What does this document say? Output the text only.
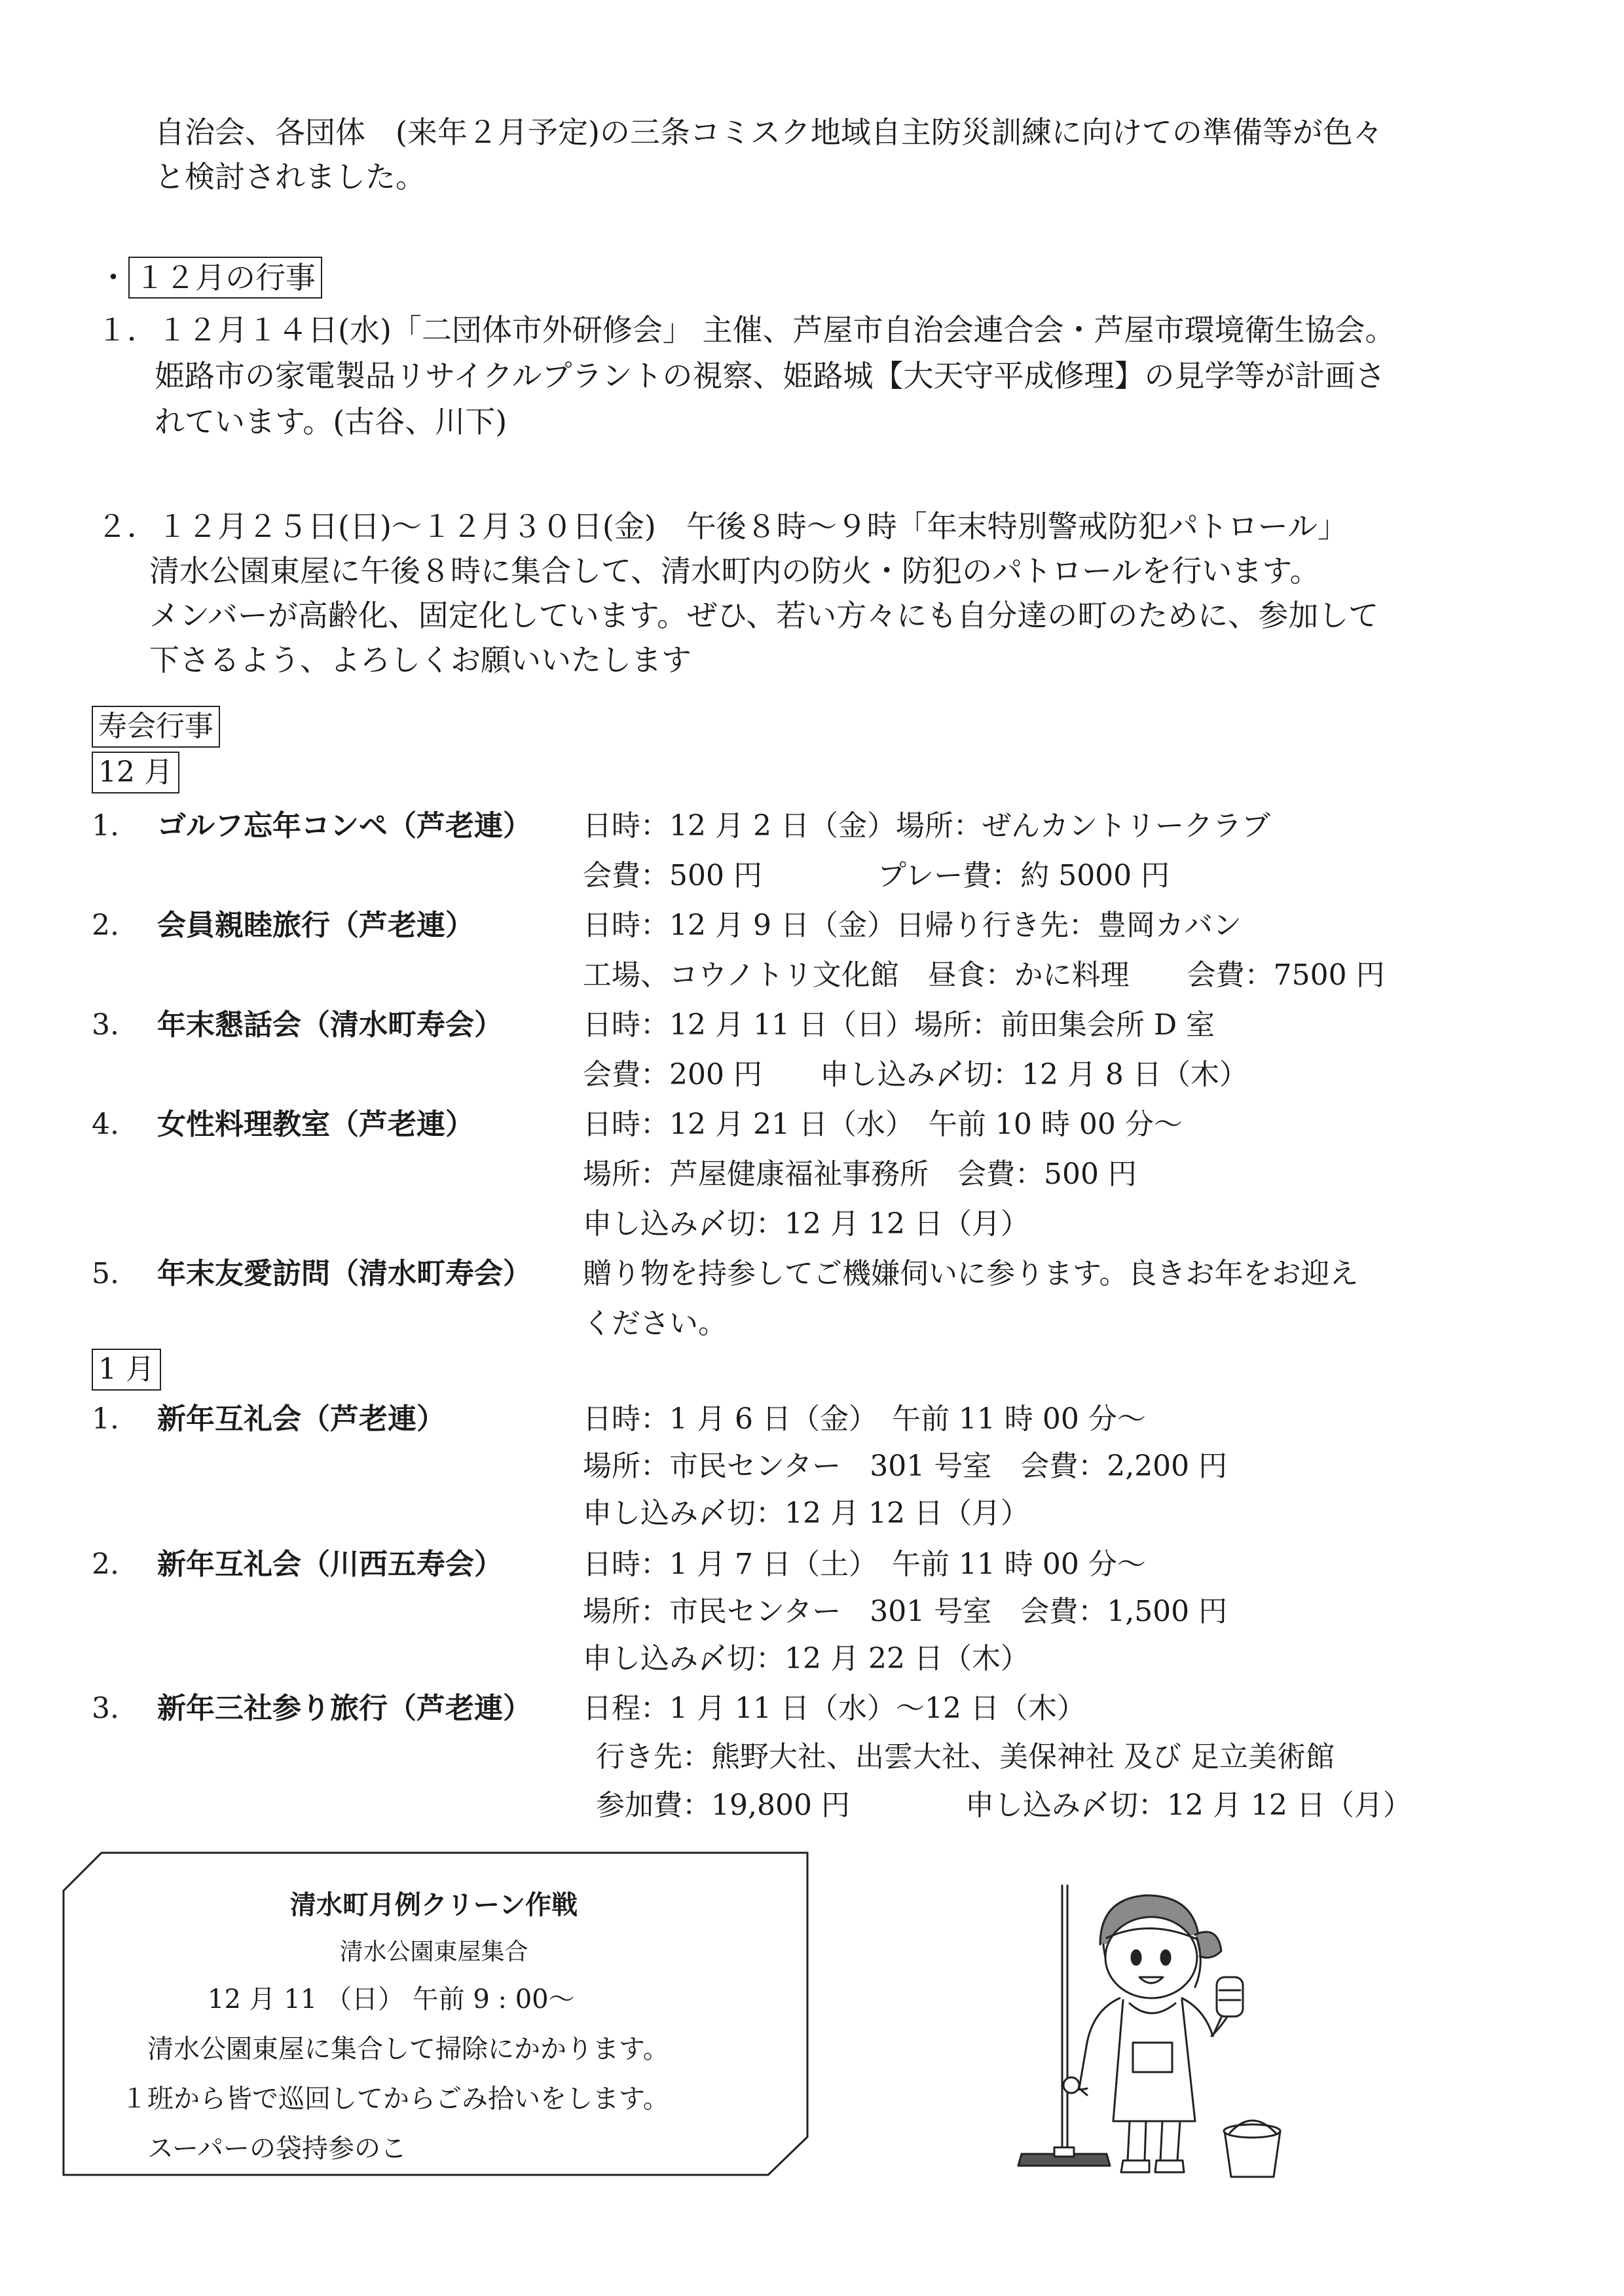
自治会、各団体　(来年２月予定)の三条コミスク地域自主防災訓練に向けての準備等が色々
と検討されました。
・ １２月の行事
１．１２月１４日(水)「二団体市外研修会」 主催、芦屋市自治会連合会・芦屋市環境衛生協会。
姫路市の家電製品リサイクルプラントの視察、姫路城【大天守平成修理】の見学等が計画さ
れています。(古谷、川下)
２．１２月２５日(日)～１２月３０日(金)　午後８時～９時「年末特別警戒防犯パトロール」
清水公園東屋に午後８時に集合して、清水町内の防火・防犯のパトロールを行います。
メンバーが高齢化、固定化しています。ぜひ、若い方々にも自分達の町のために、参加して
下さるよう、よろしくお願いいたします
寿会行事
12 月
1. ゴルフ忘年コンペ（芦老連） 日時：12 月 2 日（金）場所：ぜんカントリークラブ
会費：500 円　　　　プレー費：約 5000 円
2. 会員親睦旅行（芦老連）	日時：12 月 9 日（金）日帰り行き先：豊岡カバン
工場、コウノトリ文化館　昼食：かに料理　　会費：7500 円
3. 年末懇話会（清水町寿会）	日時：12 月 11 日（日）場所：前田集会所 D 室
会費：200 円　　申し込み〆切：12 月 8 日（木）
4. 女性料理教室（芦老連）	日時：12 月 21 日（水）　午前 10 時 00 分～
場所：芦屋健康福祉事務所　会費：500 円
申し込み〆切：12 月 12 日（月）
5. 年末友愛訪問（清水町寿会） 贈り物を持参してご機嫌伺いに参ります。良きお年をお迎え
ください。
1 月
1. 新年互礼会（芦老連）	日時：1 月 6 日（金）　午前 11 時 00 分～
場所：市民センター　301 号室　会費：2,200 円
申し込み〆切：12 月 12 日（月）
2. 新年互礼会（川西五寿会）	日時：1 月 7 日（土）　午前 11 時 00 分～
場所：市民センター　301 号室　会費：1,500 円
申し込み〆切：12 月 22 日（木）
3. 新年三社参り旅行（芦老連） 日程：1 月 11 日（水）～12 日（木）
行き先：熊野大社、出雲大社、美保神社 及び 足立美術館
参加費：19,800 円　　　　申し込み〆切：12 月 12 日（月）
清水町月例クリーン作戦
清水公園東屋集合
12 月 11 （日） 午前 9 : 00～
清水公園東屋に集合して掃除にかかります。
１班から皆で巡回してからごみ拾いをします。
スーパーの袋持参のこ
